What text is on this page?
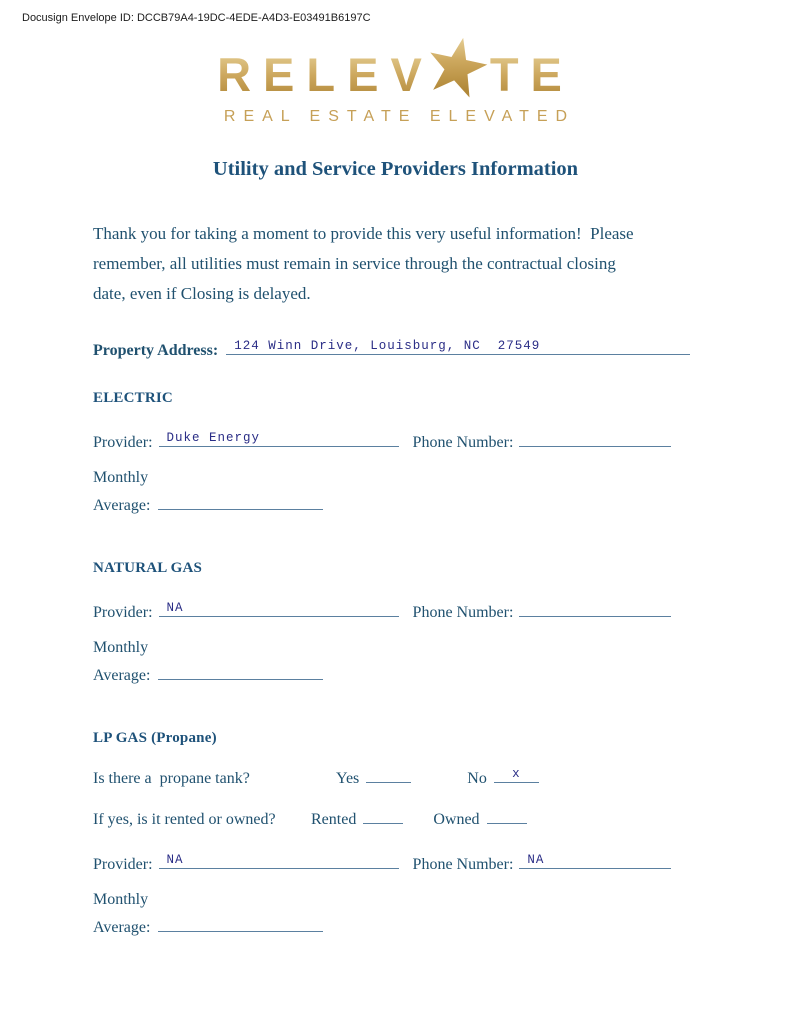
Docusign Envelope ID: DCCB79A4-19DC-4EDE-A4D3-E03491B6197C
RELEV TE
REAL ESTATE ELEVATED
Utility and Service Providers Information
Thank you for taking a moment to provide this very useful information!  Please
remember, all utilities must remain in service through the contractual closing
date, even if Closing is delayed.
Property Address: 124 Winn Drive, Louisburg, NC  27549
ELECTRIC
Provider: Duke Energy	Phone Number:
Monthly
Average:
NATURAL GAS
Provider: NA	Phone Number:
Monthly
Average:
LP GAS (Propane)
Is there a  propane tank?	Yes	No	x
If yes, is it rented or owned?	Rented	Owned
Provider: NA	Phone Number: NA
Monthly
Average:
